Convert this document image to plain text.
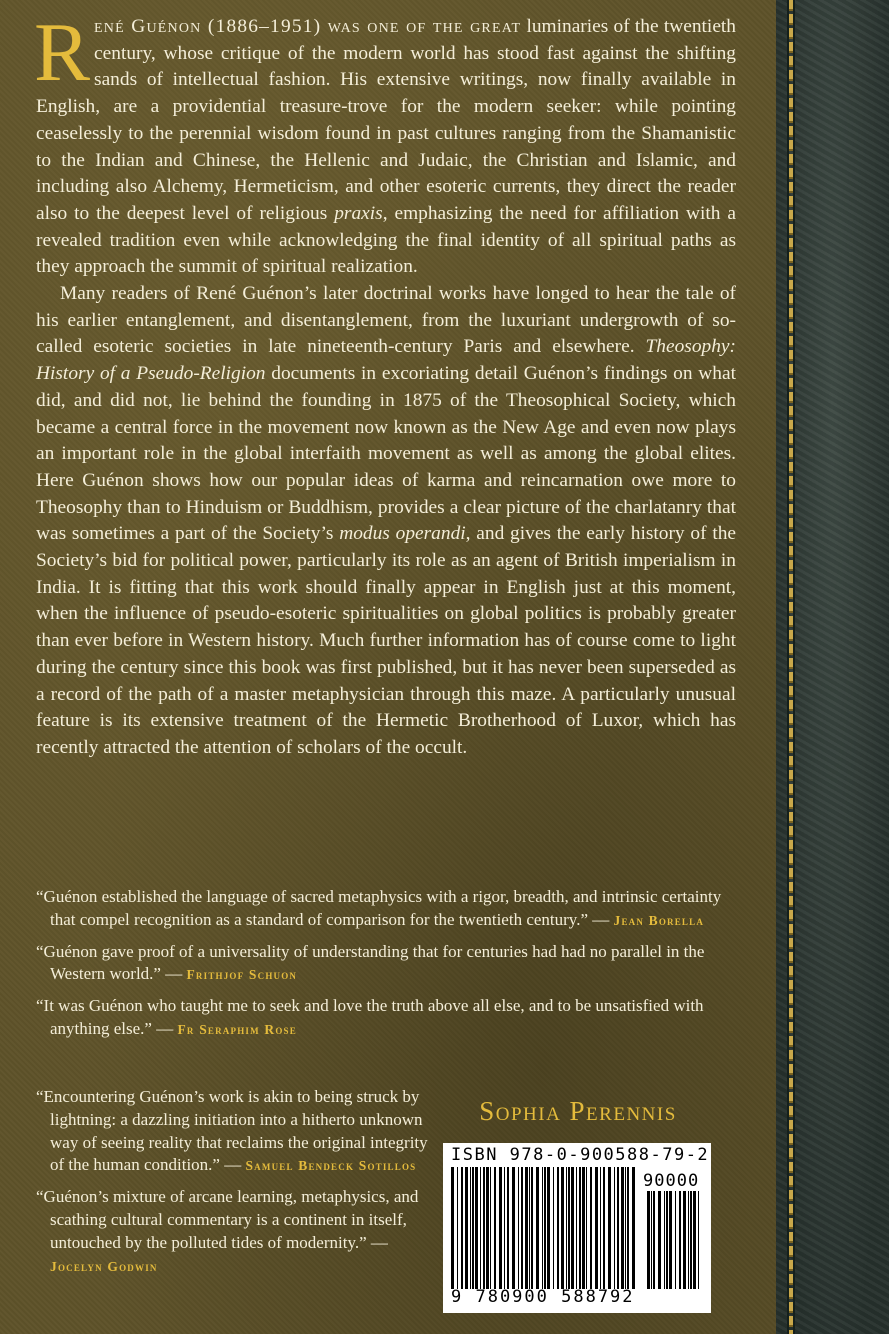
René Guénon (1886–1951) was one of the great luminaries of the twentieth century, whose critique of the modern world has stood fast against the shifting sands of intellectual fashion. His extensive writings, now finally available in English, are a providential treasure-trove for the modern seeker: while pointing ceaselessly to the perennial wisdom found in past cultures ranging from the Shamanistic to the Indian and Chinese, the Hellenic and Judaic, the Christian and Islamic, and including also Alchemy, Hermeticism, and other esoteric currents, they direct the reader also to the deepest level of religious praxis, emphasizing the need for affiliation with a revealed tradition even while acknowledging the final identity of all spiritual paths as they approach the summit of spiritual realization.

Many readers of René Guénon’s later doctrinal works have longed to hear the tale of his earlier entanglement, and disentanglement, from the luxuriant undergrowth of so-called esoteric societies in late nineteenth-century Paris and elsewhere. Theosophy: History of a Pseudo-Religion documents in excoriating detail Guénon’s findings on what did, and did not, lie behind the founding in 1875 of the Theosophical Society, which became a central force in the movement now known as the New Age and even now plays an important role in the global interfaith movement as well as among the global elites. Here Guénon shows how our popular ideas of karma and reincarnation owe more to Theosophy than to Hinduism or Buddhism, provides a clear picture of the charlatanry that was sometimes a part of the Society’s modus operandi, and gives the early history of the Society’s bid for political power, particularly its role as an agent of British imperialism in India. It is fitting that this work should finally appear in English just at this moment, when the influence of pseudo-esoteric spiritualities on global politics is probably greater than ever before in Western history. Much further information has of course come to light during the century since this book was first published, but it has never been superseded as a record of the path of a master metaphysician through this maze. A particularly unusual feature is its extensive treatment of the Hermetic Brotherhood of Luxor, which has recently attracted the attention of scholars of the occult.

“Guénon established the language of sacred metaphysics with a rigor, breadth, and intrinsic certainty that compel recognition as a standard of comparison for the twentieth century.” — Jean Borella
“Guénon gave proof of a universality of understanding that for centuries had had no parallel in the Western world.” — Frithjof Schuon
“It was Guénon who taught me to seek and love the truth above all else, and to be unsatisfied with anything else.” — Fr Seraphim Rose
“Encountering Guénon’s work is akin to being struck by lightning: a dazzling initiation into a hitherto unknown way of seeing reality that reclaims the original integrity of the human condition.” — Samuel Bendeck Sotillos
“Guénon’s mixture of arcane learning, metaphysics, and scathing cultural commentary is a continent in itself, untouched by the polluted tides of modernity.” — Jocelyn Godwin
Sophia Perennis
ISBN 978-0-900588-79-2
90000
9 780900 588792
